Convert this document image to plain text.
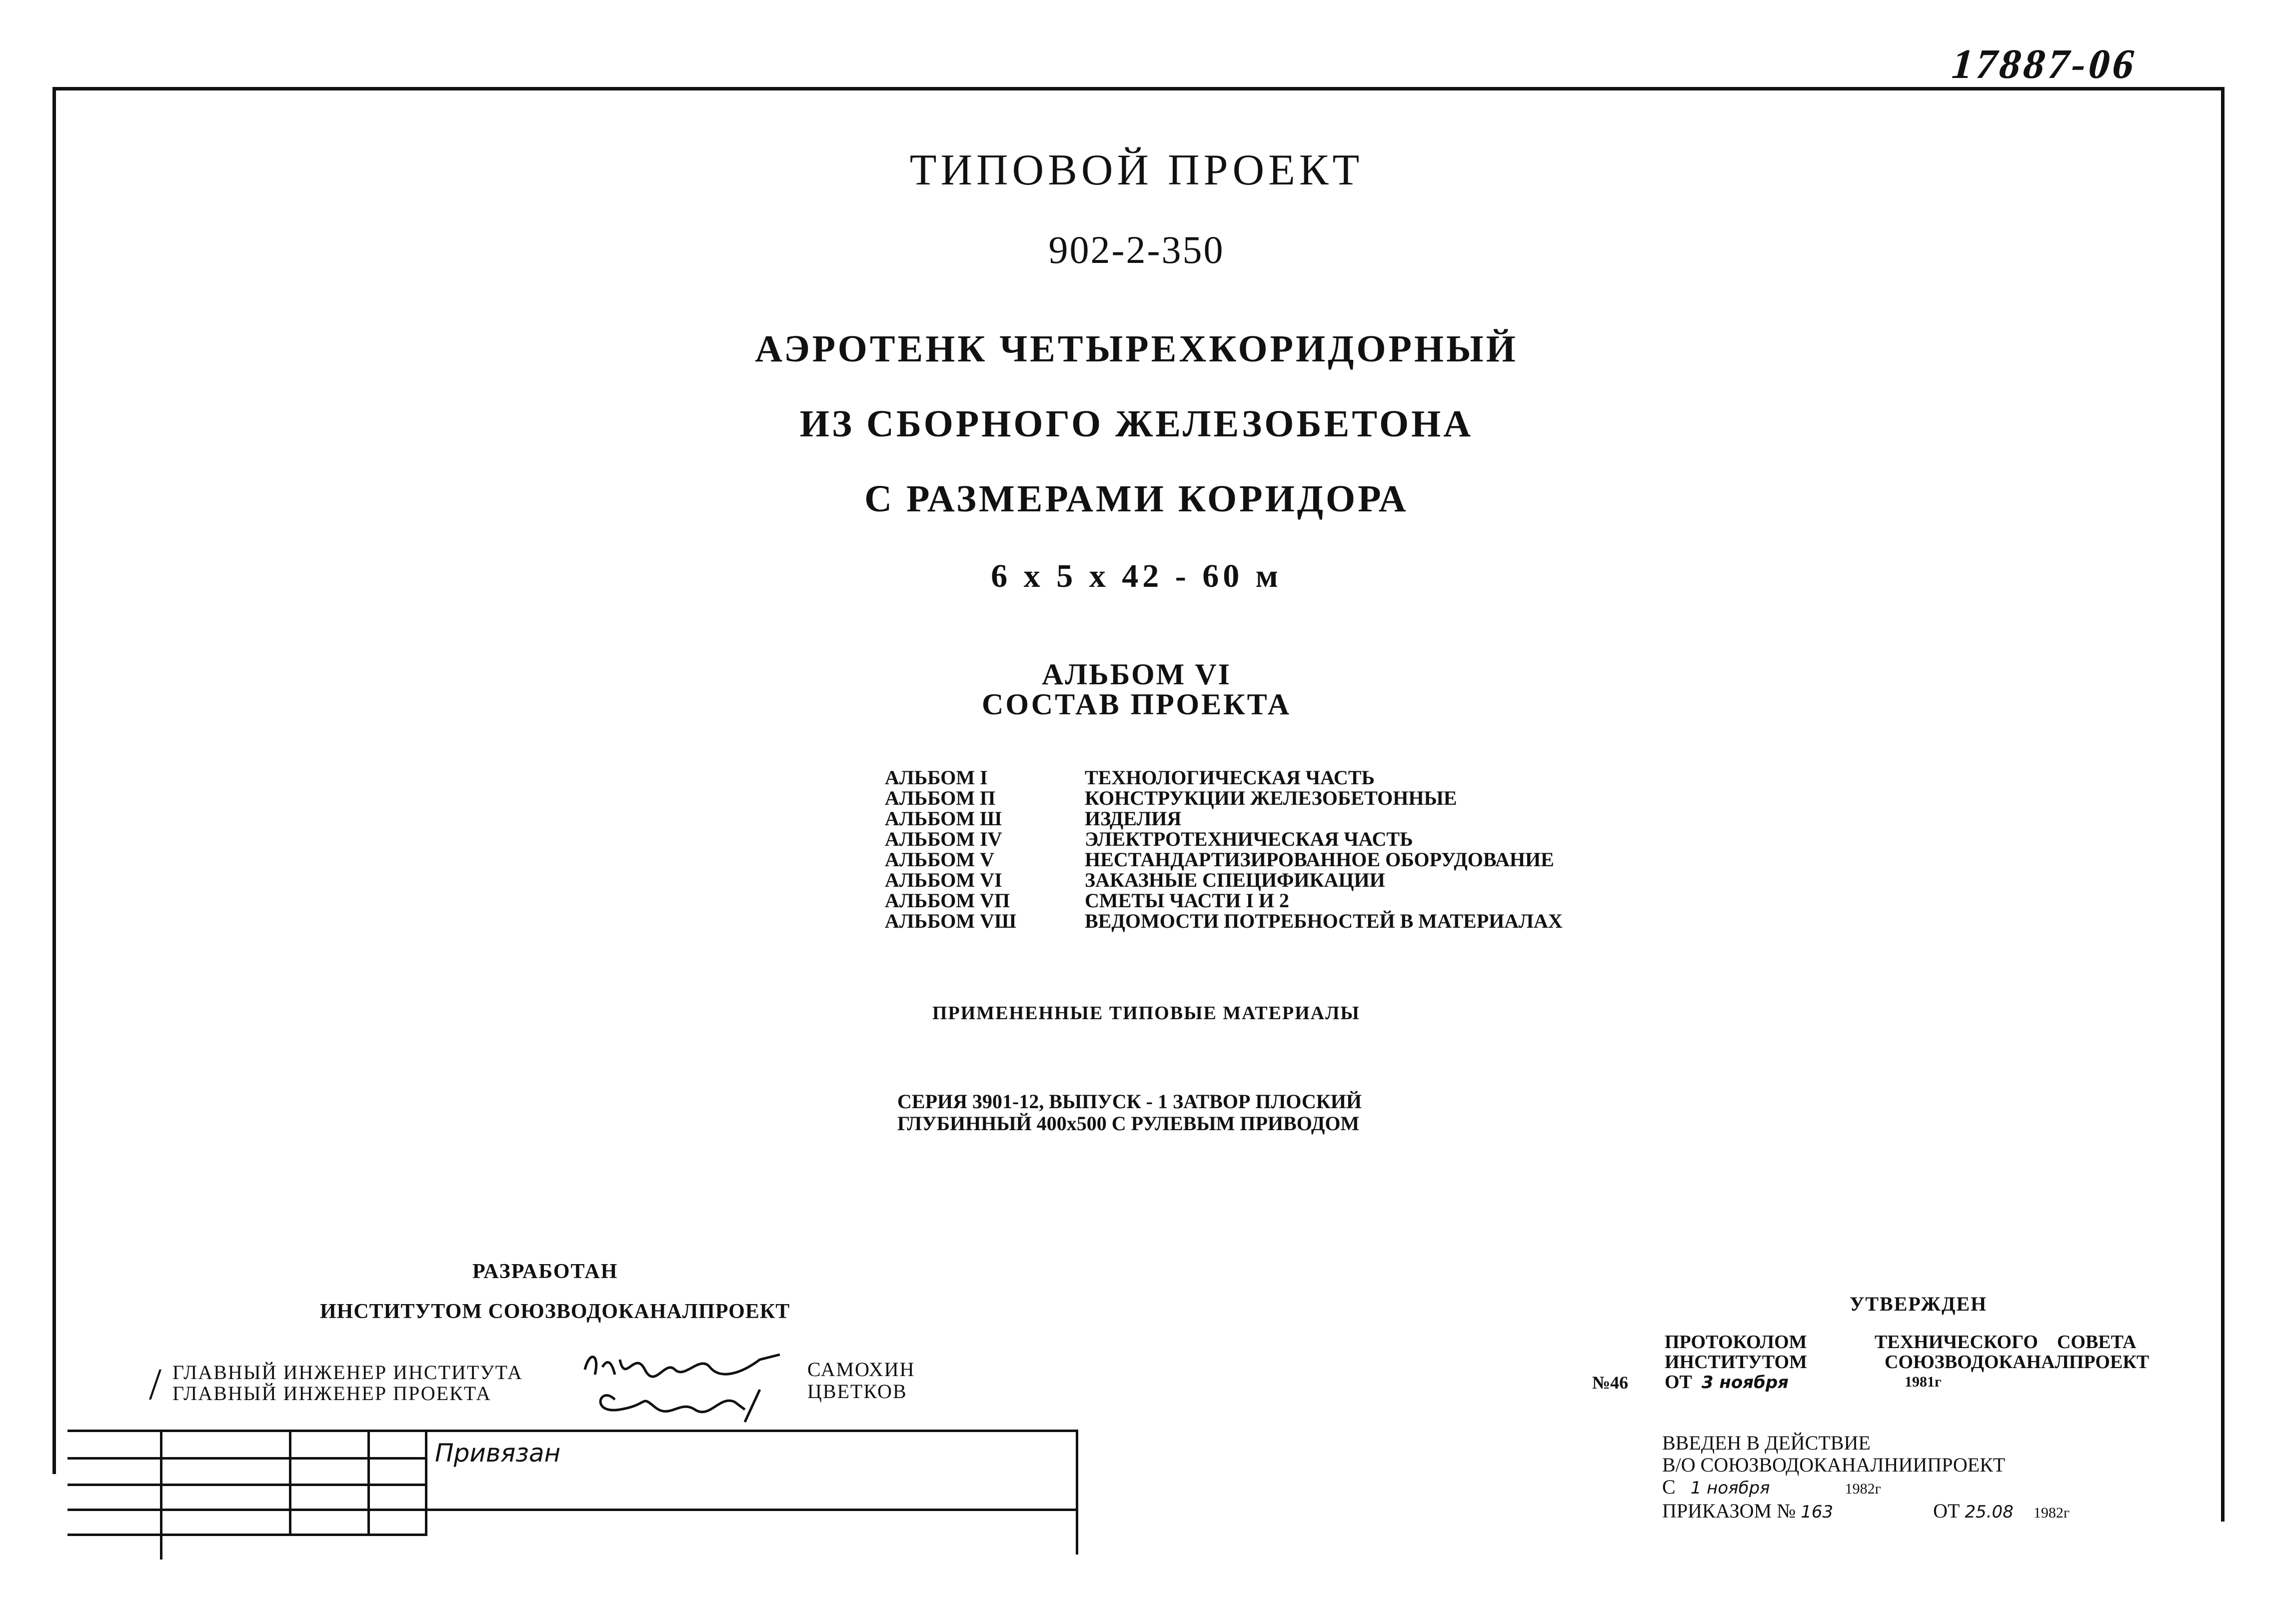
17887-06
ТИПОВОЙ ПРОЕКТ
902-2-350
АЭРОТЕНК ЧЕТЫРЕХКОРИДОРНЫЙ
ИЗ СБОРНОГО ЖЕЛЕЗОБЕТОНА
С РАЗМЕРАМИ КОРИДОРА
6 х 5 х 42 - 60 м
АЛЬБОМ VI
СОСТАВ ПРОЕКТА
АЛЬБОМ I	ТЕХНОЛОГИЧЕСКАЯ ЧАСТЬ
АЛЬБОМ П	КОНСТРУКЦИИ ЖЕЛЕЗОБЕТОННЫЕ
АЛЬБОМ Ш	ИЗДЕЛИЯ
АЛЬБОМ IV	ЭЛЕКТРОТЕХНИЧЕСКАЯ ЧАСТЬ
АЛЬБОМ V	НЕСТАНДАРТИЗИРОВАННОЕ ОБОРУДОВАНИЕ
АЛЬБОМ VI	ЗАКАЗНЫЕ СПЕЦИФИКАЦИИ
АЛЬБОМ VП	СМЕТЫ ЧАСТИ I И 2
АЛЬБОМ VШ	ВЕДОМОСТИ ПОТРЕБНОСТЕЙ В МАТЕРИАЛАХ
ПРИМЕНЕННЫЕ ТИПОВЫЕ МАТЕРИАЛЫ
СЕРИЯ 3901-12, ВЫПУСК - 1 ЗАТВОР ПЛОСКИЙ
ГЛУБИННЫЙ 400х500 С РУЛЕВЫМ ПРИВОДОМ
РАЗРАБОТАН
ИНСТИТУТОМ СОЮЗВОДОКАНАЛПРОЕКТ
/ ГЛАВНЫЙ ИНЖЕНЕР ИНСТИТУТА
ГЛАВНЫЙ ИНЖЕНЕР ПРОЕКТА
САМОХИН
ЦВЕТКОВ
Привязан
УТВЕРЖДЕН
ПРОТОКОЛОМ
ИНСТИТУТОМ
ОТ 3 ноября
ТЕХНИЧЕСКОГО    СОВЕТА
СОЮЗВОДОКАНАЛПРОЕКТ
1981г
№46
ВВЕДЕН В ДЕЙСТВИЕ
В/О СОЮЗВОДОКАНАЛНИИПРОЕКТ
С 1 ноября	1982г
ПРИКАЗОМ № 163	ОТ 25.08 1982г
